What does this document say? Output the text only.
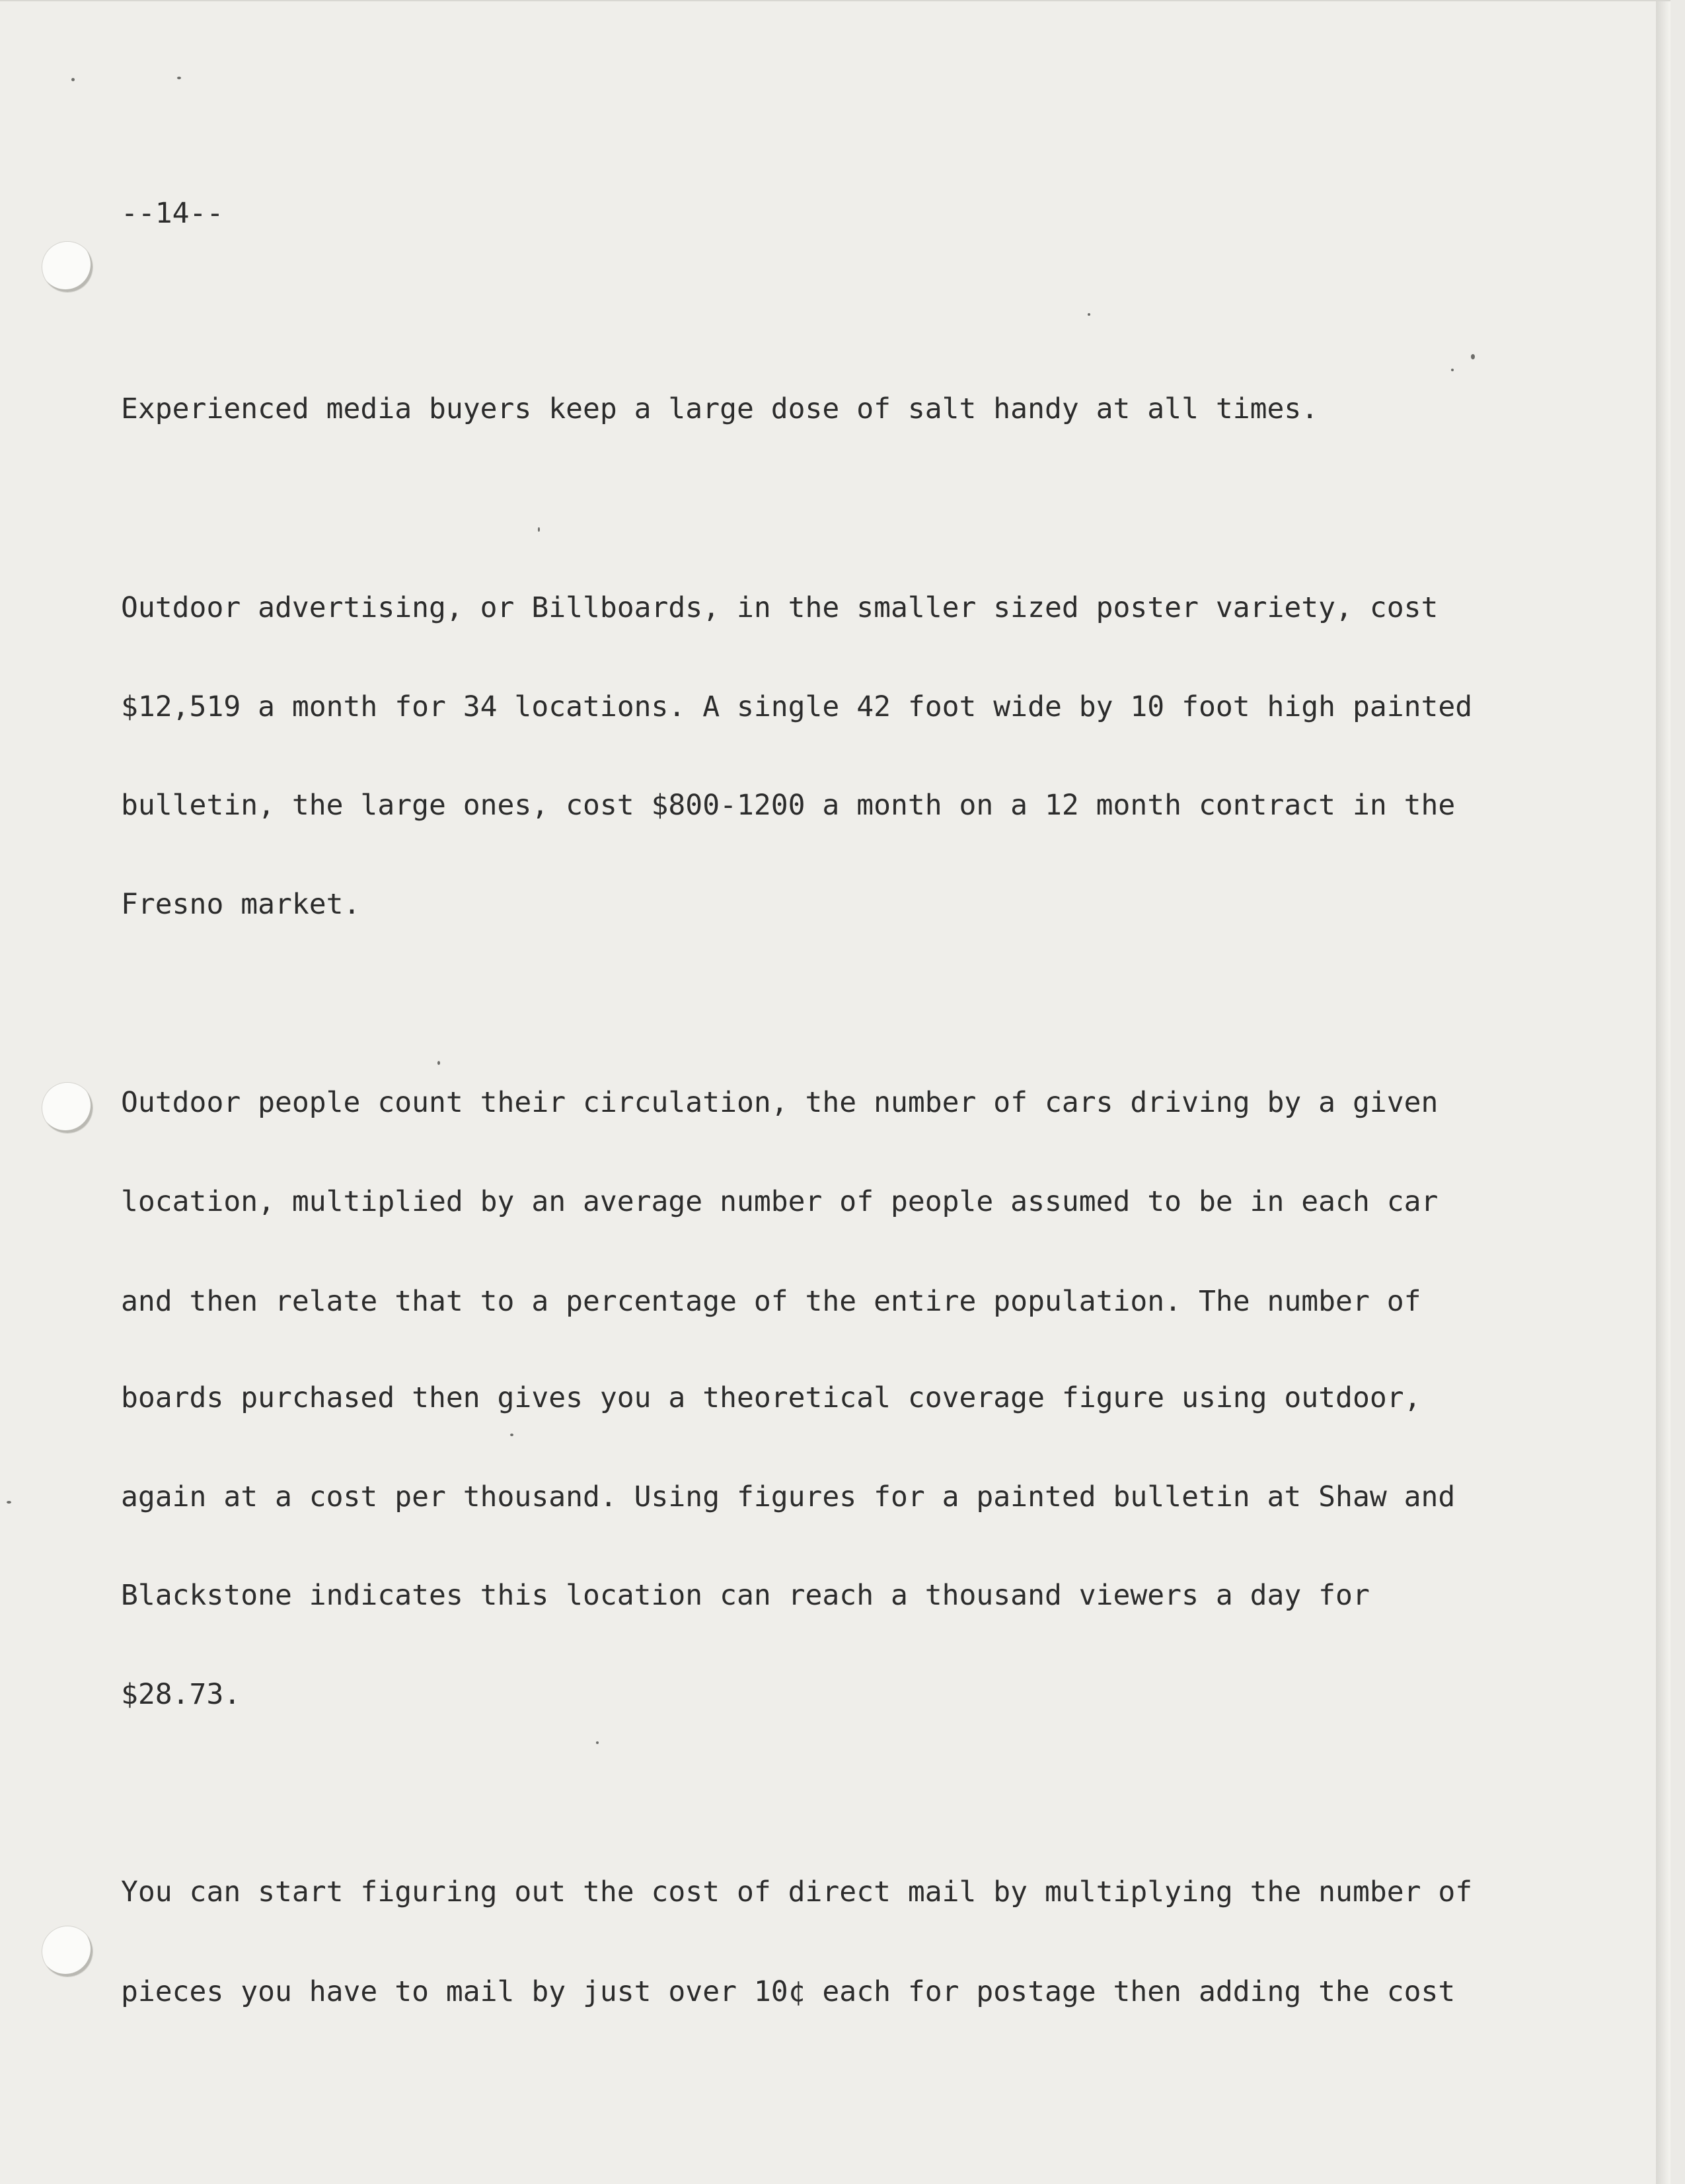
--14--

Experienced media buyers keep a large dose of salt handy at all times.

Outdoor advertising, or Billboards, in the smaller sized poster variety, cost

$12,519 a month for 34 locations. A single 42 foot wide by 10 foot high painted

bulletin, the large ones, cost $800-1200 a month on a 12 month contract in the

Fresno market.

Outdoor people count their circulation, the number of cars driving by a given

location, multiplied by an average number of people assumed to be in each car

and then relate that to a percentage of the entire population. The number of

boards purchased then gives you a theoretical coverage figure using outdoor,

again at a cost per thousand. Using figures for a painted bulletin at Shaw and

Blackstone indicates this location can reach a thousand viewers a day for

$28.73.

You can start figuring out the cost of direct mail by multiplying the number of

pieces you have to mail by just over 10¢ each for postage then adding the cost
